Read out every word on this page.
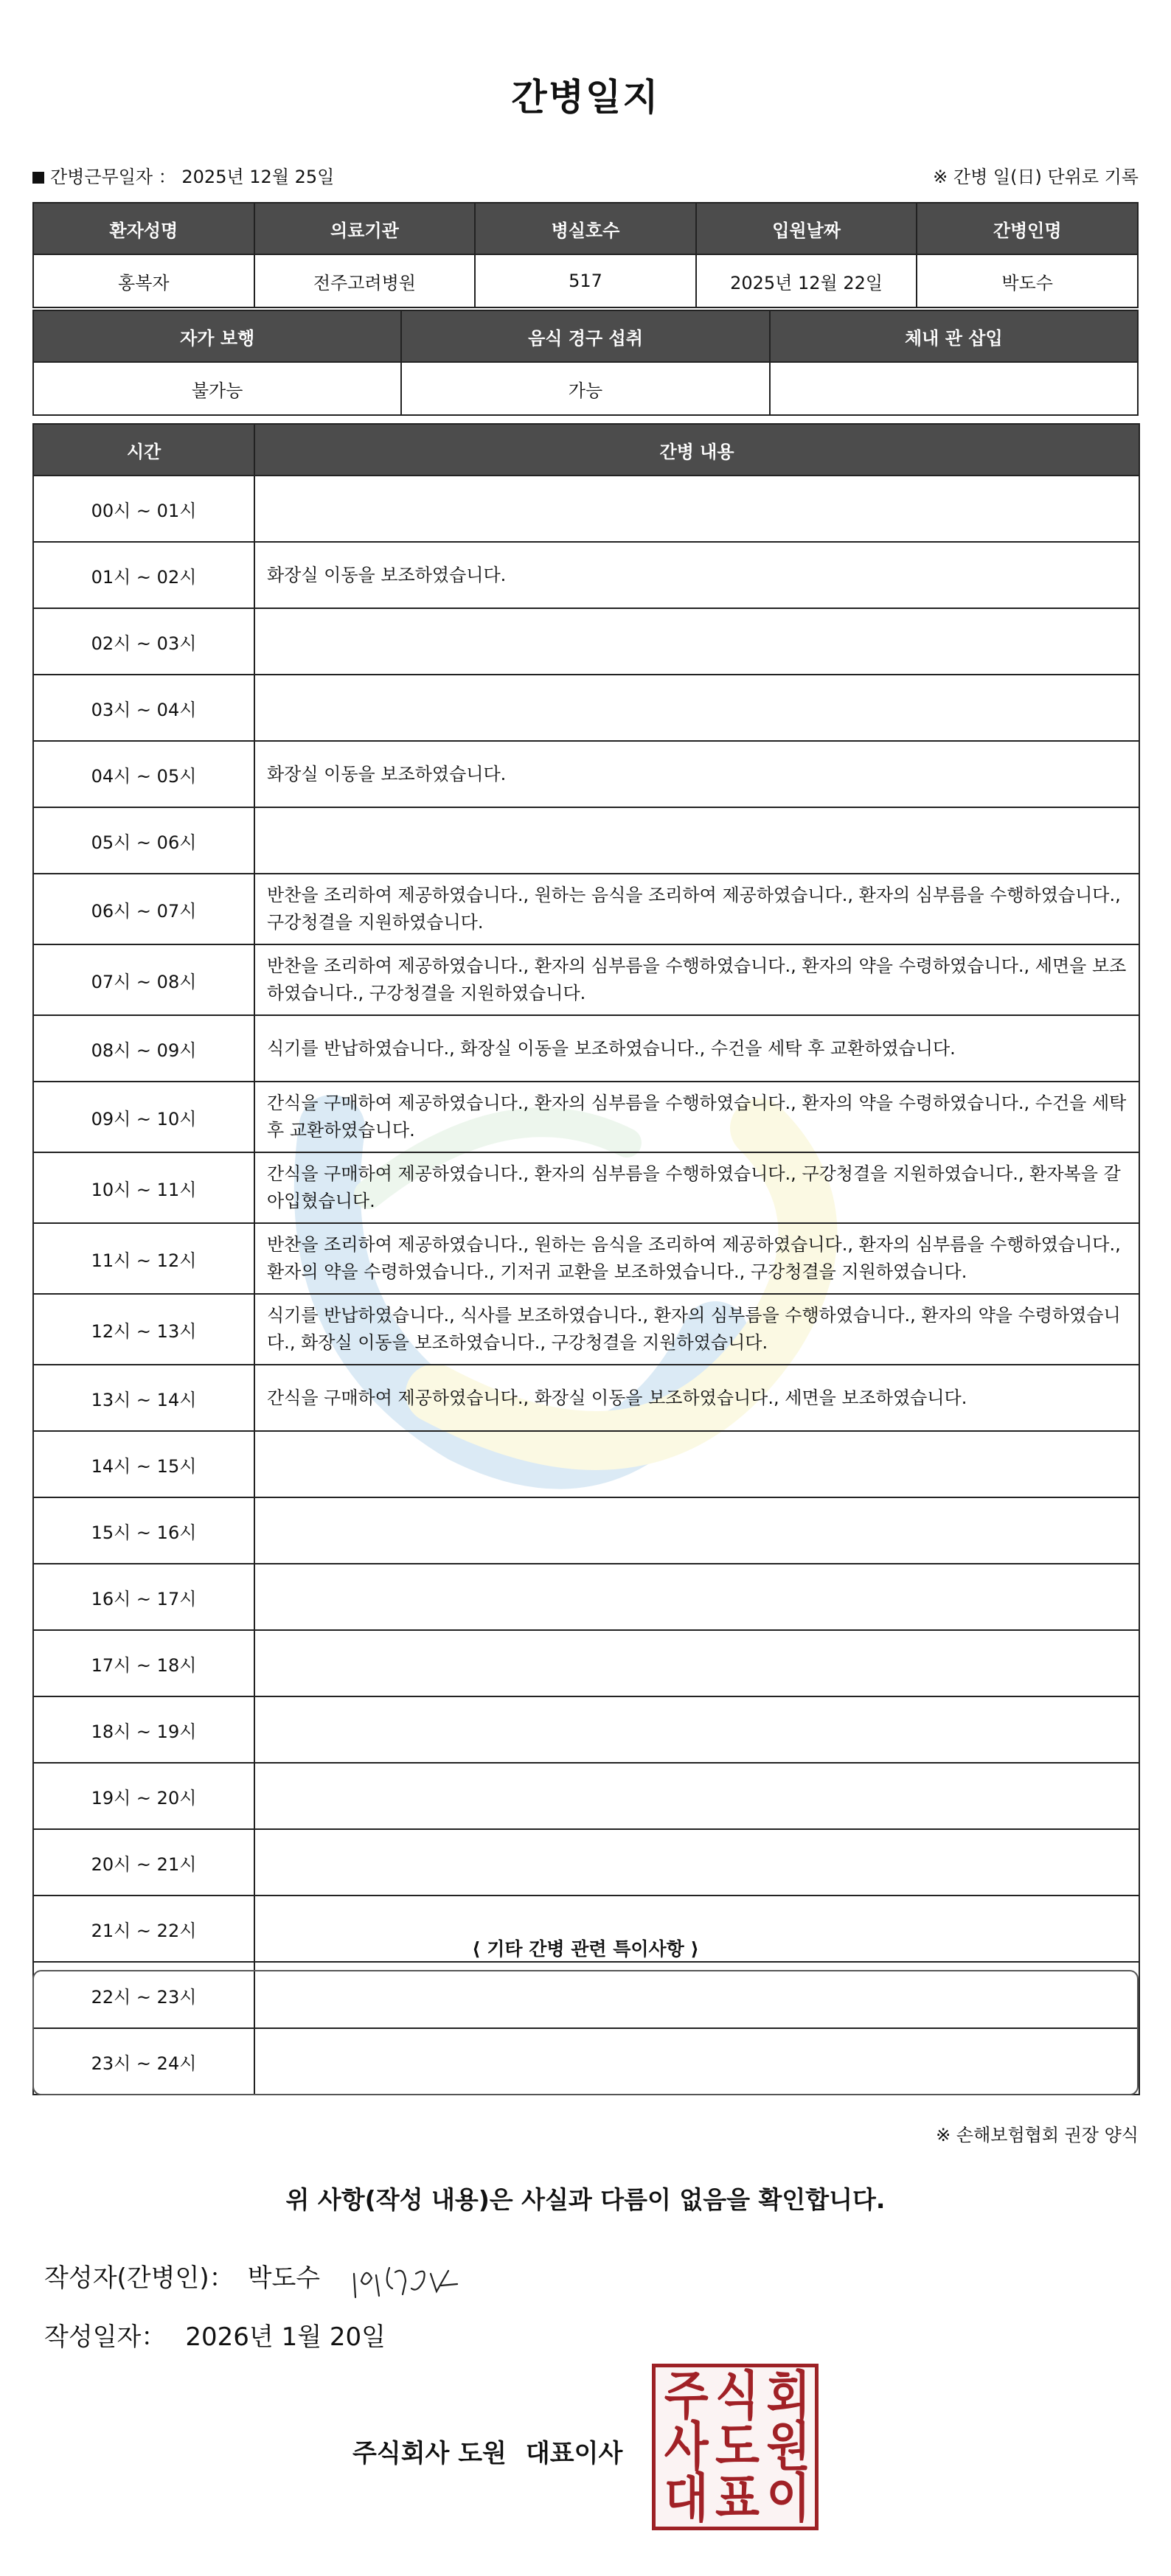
간병일지
간병근무일자 ： 2025년 12월 25일	※ 간병 일(日) 단위로 기록
환자성명	의료기관	병실호수	입원날짜	간병인명
홍복자	전주고려병원	517	2025년 12월 22일	박도수
자가 보행	음식 경구 섭취	체내 관 삽입
불가능	가능	
시간	간병 내용
00시 ~ 01시	
01시 ~ 02시	화장실 이동을 보조하였습니다.
02시 ~ 03시	
03시 ~ 04시	
04시 ~ 05시	화장실 이동을 보조하였습니다.
05시 ~ 06시	
06시 ~ 07시	반찬을 조리하여 제공하였습니다., 원하는 음식을 조리하여 제공하였습니다., 환자의 심부름을 수행하였습니다., 구강청결을 지원하였습니다.
07시 ~ 08시	반찬을 조리하여 제공하였습니다., 환자의 심부름을 수행하였습니다., 환자의 약을 수령하였습니다., 세면을 보조하였습니다., 구강청결을 지원하였습니다.
08시 ~ 09시	식기를 반납하였습니다., 화장실 이동을 보조하였습니다., 수건을 세탁 후 교환하였습니다.
09시 ~ 10시	간식을 구매하여 제공하였습니다., 환자의 심부름을 수행하였습니다., 환자의 약을 수령하였습니다., 수건을 세탁 후 교환하였습니다.
10시 ~ 11시	간식을 구매하여 제공하였습니다., 환자의 심부름을 수행하였습니다., 구강청결을 지원하였습니다., 환자복을 갈아입혔습니다.
11시 ~ 12시	반찬을 조리하여 제공하였습니다., 원하는 음식을 조리하여 제공하였습니다., 환자의 심부름을 수행하였습니다., 환자의 약을 수령하였습니다., 기저귀 교환을 보조하였습니다., 구강청결을 지원하였습니다.
12시 ~ 13시	식기를 반납하였습니다., 식사를 보조하였습니다., 환자의 심부름을 수행하였습니다., 환자의 약을 수령하였습니다., 화장실 이동을 보조하였습니다., 구강청결을 지원하였습니다.
13시 ~ 14시	간식을 구매하여 제공하였습니다., 화장실 이동을 보조하였습니다., 세면을 보조하였습니다.
14시 ~ 15시	
15시 ~ 16시	
16시 ~ 17시	
17시 ~ 18시	
18시 ~ 19시	
19시 ~ 20시	
20시 ~ 21시	
21시 ~ 22시	
22시 ~ 23시	
23시 ~ 24시	
⟨ 기타 간병 관련 특이사항 ⟩
※ 손해보험협회 권장 양식
위 사항(작성 내용)은 사실과 다름이 없음을 확인합니다.
작성자(간병인)： 박도수
작성일자： 2026년 1월 20일
주식회사 도원 대표이사
주 식 회
사 도 원
대 표 이
